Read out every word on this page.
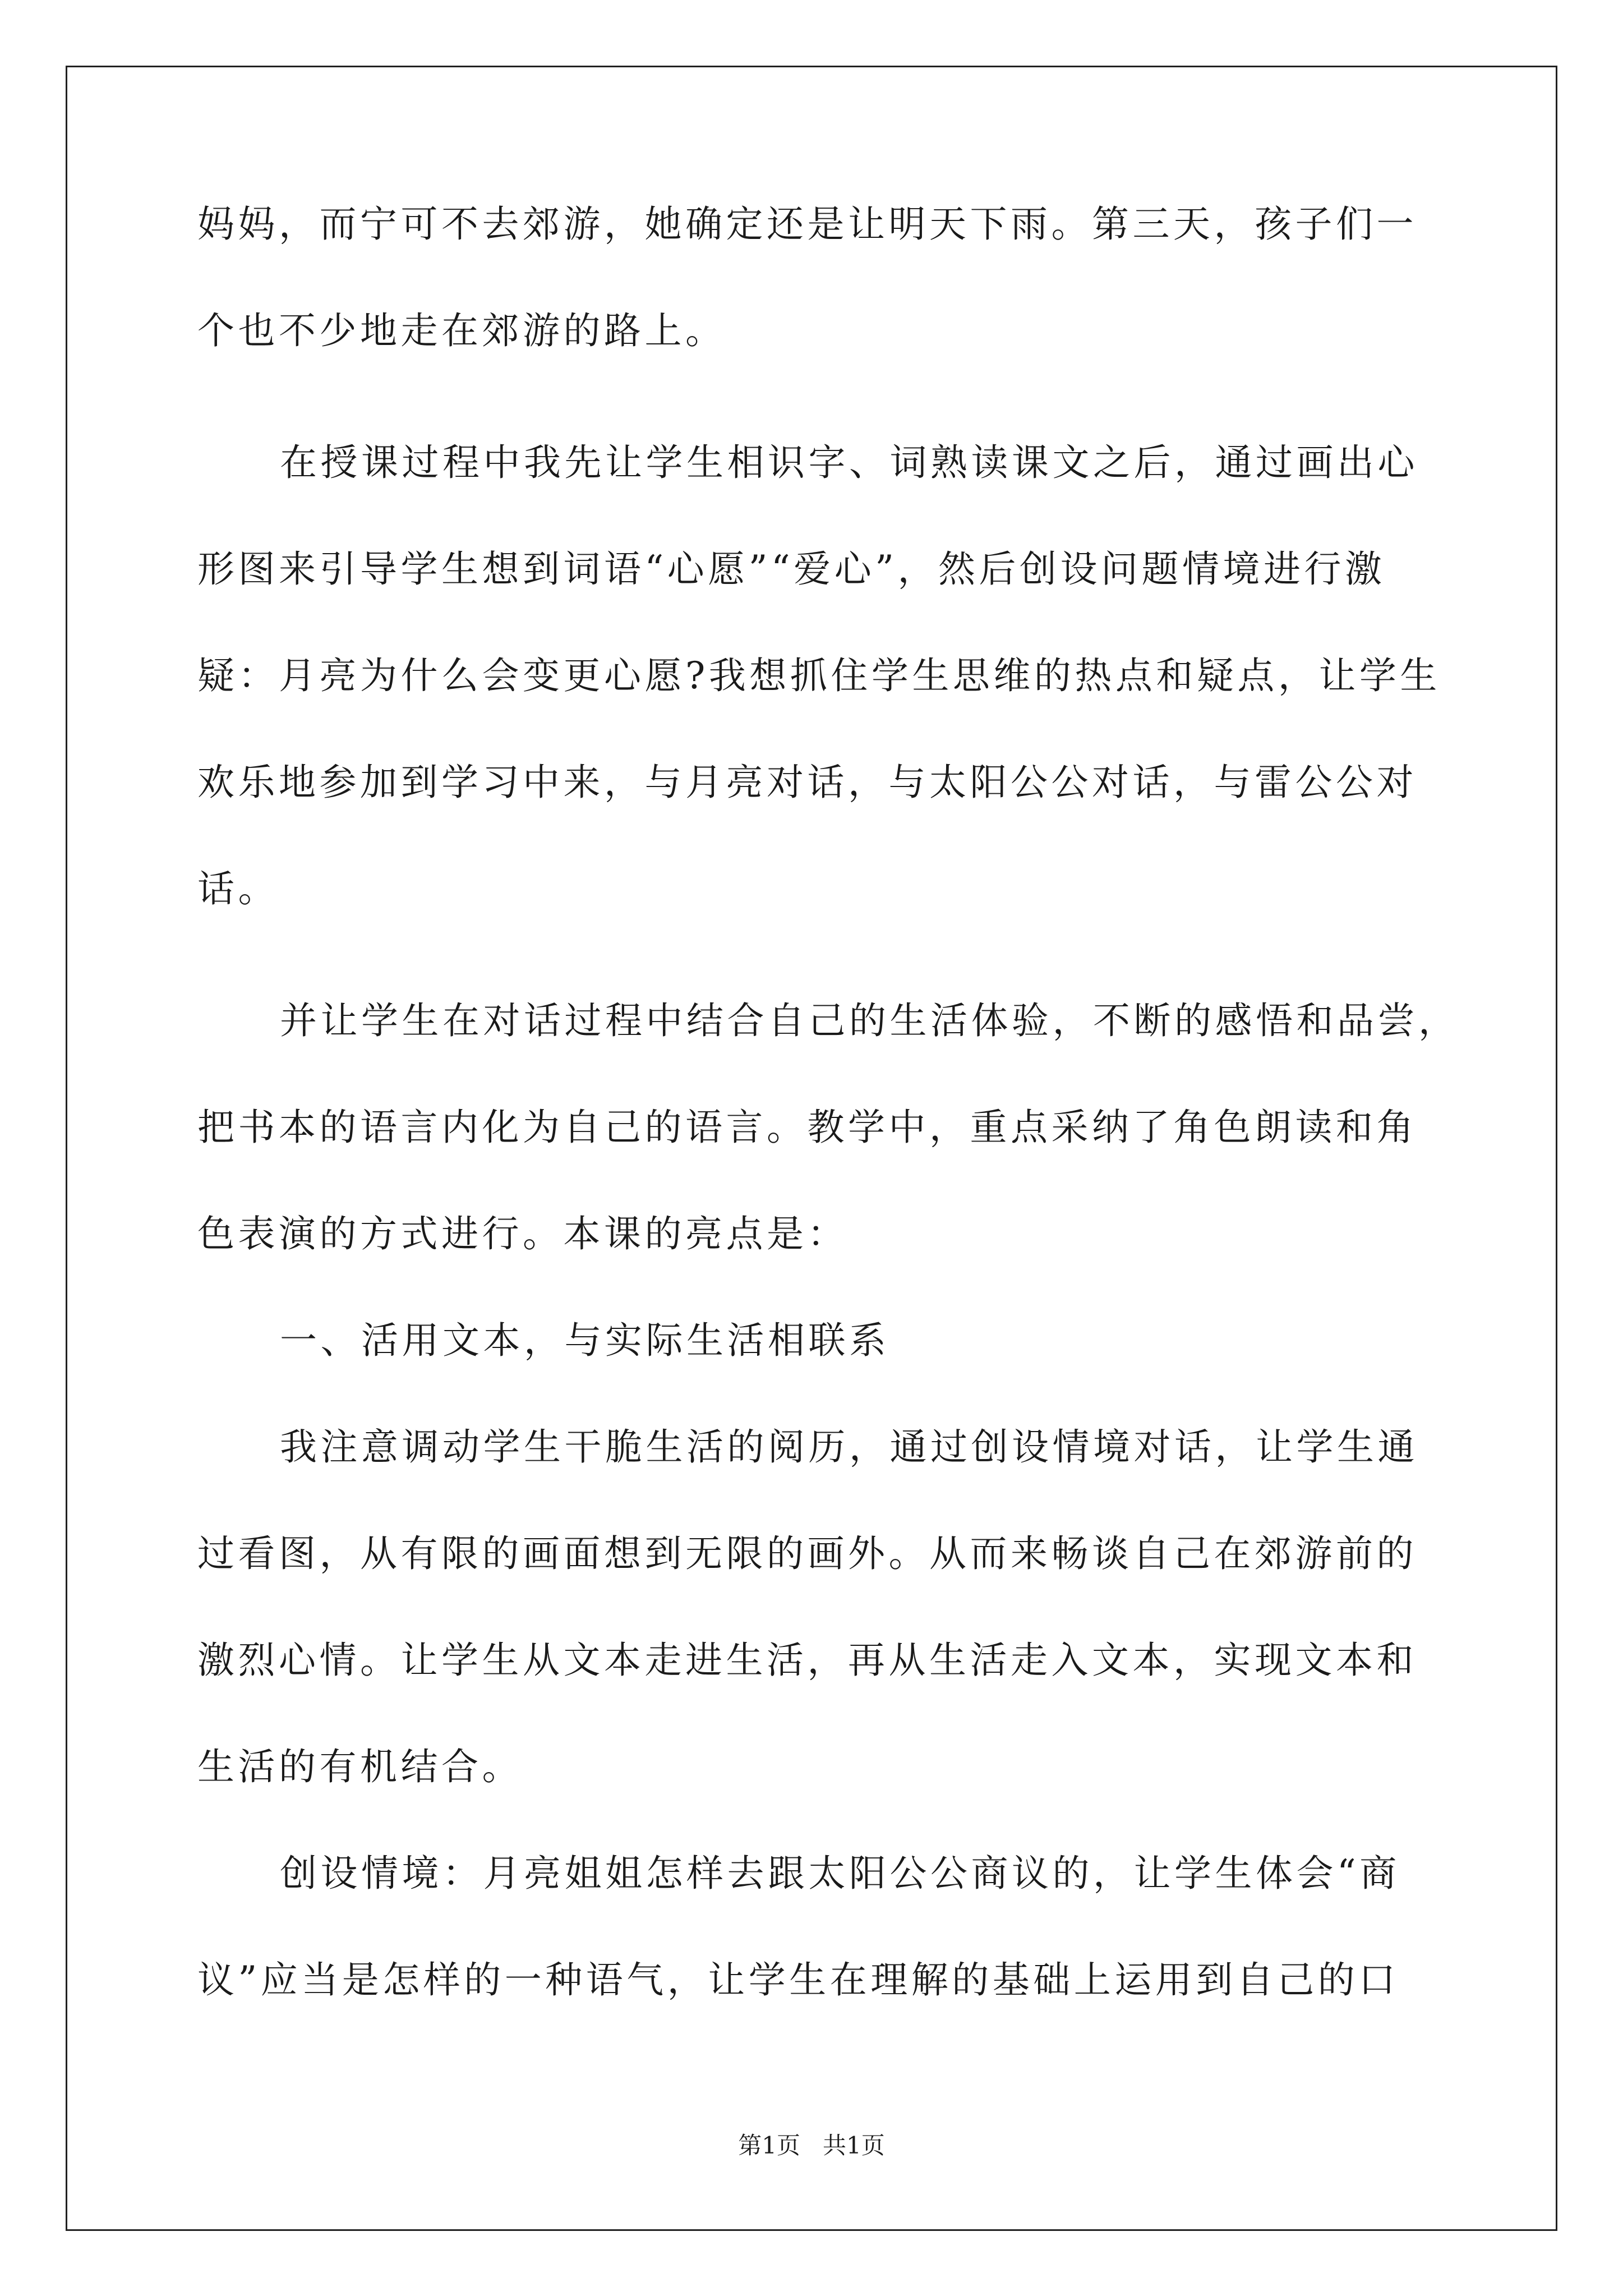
妈妈，而宁可不去郊游，她确定还是让明天下雨。第三天，孩子们一
个也不少地走在郊游的路上。
在授课过程中我先让学生相识字、词熟读课文之后，通过画出心
形图来引导学生想到词语“心愿”“爱心”，然后创设问题情境进行激
疑：月亮为什么会变更心愿?我想抓住学生思维的热点和疑点，让学生
欢乐地参加到学习中来，与月亮对话，与太阳公公对话，与雷公公对
话。
并让学生在对话过程中结合自己的生活体验，不断的感悟和品尝，
把书本的语言内化为自己的语言。教学中，重点采纳了角色朗读和角
色表演的方式进行。本课的亮点是：
一、活用文本，与实际生活相联系
我注意调动学生干脆生活的阅历，通过创设情境对话，让学生通
过看图，从有限的画面想到无限的画外。从而来畅谈自己在郊游前的
激烈心情。让学生从文本走进生活，再从生活走入文本，实现文本和
生活的有机结合。
创设情境：月亮姐姐怎样去跟太阳公公商议的，让学生体会“商
议”应当是怎样的一种语气，让学生在理解的基础上运用到自己的口
第1页 共1页
